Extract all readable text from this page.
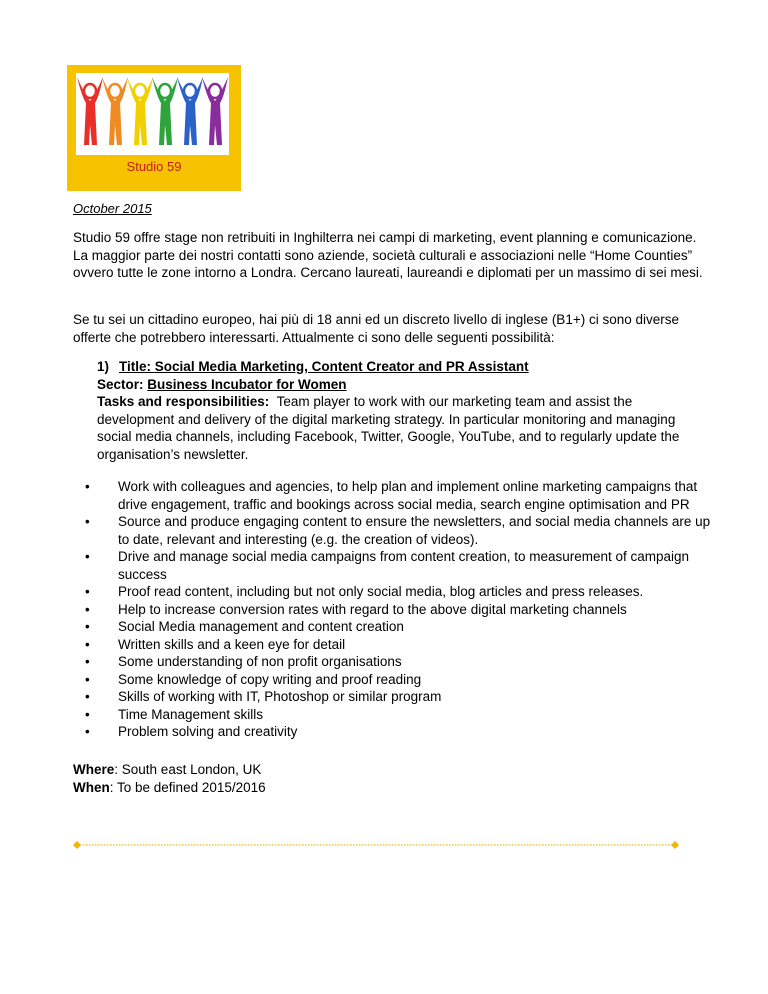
Studio 59
October 2015

Studio 59 offre stage non retribuiti in Inghilterra nei campi di marketing, event planning e comunicazione. La maggior parte dei nostri contatti sono aziende, società culturali e associazioni nelle “Home Counties” ovvero tutte le zone intorno a Londra. Cercano laureati, laureandi e diplomati per un massimo di sei mesi.

Se tu sei un cittadino europeo, hai più di 18 anni ed un discreto livello di inglese (B1+) ci sono diverse offerte che potrebbero interessarti. Attualmente ci sono delle seguenti possibilità:

1) Title: Social Media Marketing, Content Creator and PR Assistant

Sector: Business Incubator for Women

Tasks and responsibilities: Team player to work with our marketing team and assist the development and delivery of the digital marketing strategy. In particular monitoring and managing social media channels, including Facebook, Twitter, Google, YouTube, and to regularly update the organisation’s newsletter.

• Work with colleagues and agencies, to help plan and implement online marketing campaigns that drive engagement, traffic and bookings across social media, search engine optimisation and PR
• Source and produce engaging content to ensure the newsletters, and social media channels are up to date, relevant and interesting (e.g. the creation of videos).
• Drive and manage social media campaigns from content creation, to measurement of campaign success
• Proof read content, including but not only social media, blog articles and press releases.
• Help to increase conversion rates with regard to the above digital marketing channels
• Social Media management and content creation
• Written skills and a keen eye for detail
• Some understanding of non profit organisations
• Some knowledge of copy writing and proof reading
• Skills of working with IT, Photoshop or similar program
• Time Management skills
• Problem solving and creativity

Where: South east London, UK

When: To be defined 2015/2016
